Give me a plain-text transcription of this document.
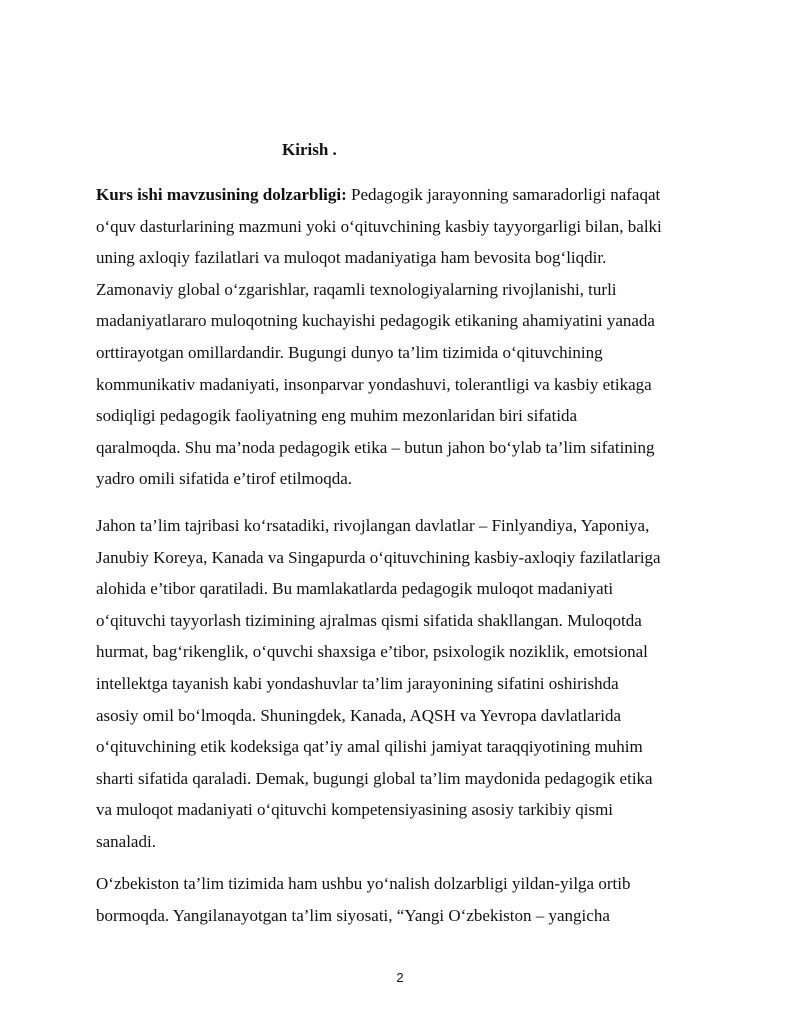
Kirish .

Kurs ishi mavzusining dolzarbligi: Pedagogik jarayonning samaradorligi nafaqat
o‘quv dasturlarining mazmuni yoki o‘qituvchining kasbiy tayyorgarligi bilan, balki
uning axloqiy fazilatlari va muloqot madaniyatiga ham bevosita bog‘liqdir.
Zamonaviy global o‘zgarishlar, raqamli texnologiyalarning rivojlanishi, turli
madaniyatlararo muloqotning kuchayishi pedagogik etikaning ahamiyatini yanada
orttirayotgan omillardandir. Bugungi dunyo ta’lim tizimida o‘qituvchining
kommunikativ madaniyati, insonparvar yondashuvi, tolerantligi va kasbiy etikaga
sodiqligi pedagogik faoliyatning eng muhim mezonlaridan biri sifatida
qaralmoqda. Shu ma’noda pedagogik etika – butun jahon bo‘ylab ta’lim sifatining
yadro omili sifatida e’tirof etilmoqda.

Jahon ta’lim tajribasi ko‘rsatadiki, rivojlangan davlatlar – Finlyandiya, Yaponiya,
Janubiy Koreya, Kanada va Singapurda o‘qituvchining kasbiy-axloqiy fazilatlariga
alohida e’tibor qaratiladi. Bu mamlakatlarda pedagogik muloqot madaniyati
o‘qituvchi tayyorlash tizimining ajralmas qismi sifatida shakllangan. Muloqotda
hurmat, bag‘rikenglik, o‘quvchi shaxsiga e’tibor, psixologik noziklik, emotsional
intellektga tayanish kabi yondashuvlar ta’lim jarayonining sifatini oshirishda
asosiy omil bo‘lmoqda. Shuningdek, Kanada, AQSH va Yevropa davlatlarida
o‘qituvchining etik kodeksiga qat’iy amal qilishi jamiyat taraqqiyotining muhim
sharti sifatida qaraladi. Demak, bugungi global ta’lim maydonida pedagogik etika
va muloqot madaniyati o‘qituvchi kompetensiyasining asosiy tarkibiy qismi
sanaladi.

O‘zbekiston ta’lim tizimida ham ushbu yo‘nalish dolzarbligi yildan-yilga ortib
bormoqda. Yangilanayotgan ta’lim siyosati, “Yangi O‘zbekiston – yangicha

2
